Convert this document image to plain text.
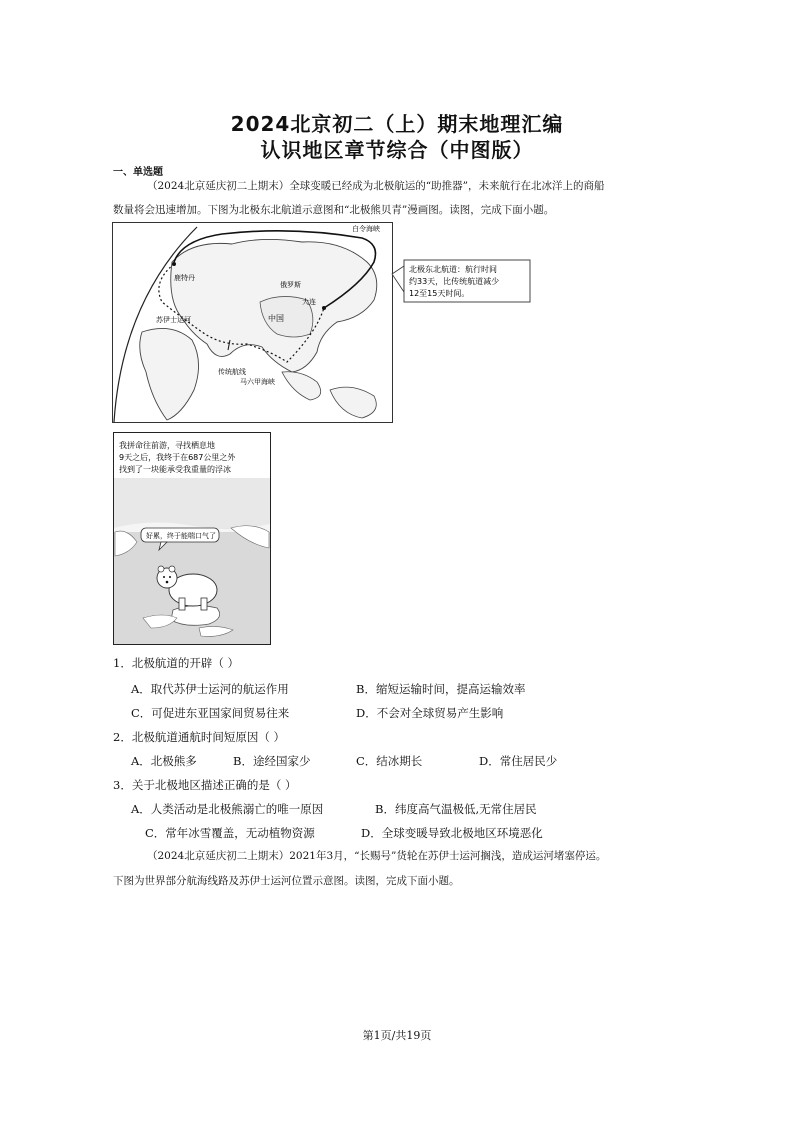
2024北京初二（上）期末地理汇编
认识地区章节综合（中图版）
一、单选题
（2024北京延庆初二上期末）全球变暖已经成为北极航运的“助推器”，未来航行在北冰洋上的商船
数量将会迅速增加。下图为北极东北航道示意图和“北极熊贝青”漫画图。读图，完成下面小题。
白令海峡
俄罗斯
鹿特丹
苏伊士运河	中国
大连
传统航线
马六甲海峡
北极东北航道：航行时间
约33天，比传统航道减少
12至15天时间。
我拼命往前游，寻找栖息地
9天之后，我终于在687公里之外
找到了一块能承受我重量的浮冰
好累，终于能喘口气了
1．北极航道的开辟（ ）
A．取代苏伊士运河的航运作用	B．缩短运输时间，提高运输效率
C．可促进东亚国家间贸易往来	D．不会对全球贸易产生影响
2．北极航道通航时间短原因（ ）
A．北极熊多	B．途经国家少	C．结冰期长	D．常住居民少
3．关于北极地区描述正确的是（ ）
A．人类活动是北极熊溺亡的唯一原因	B．纬度高气温极低,无常住居民
C．常年冰雪覆盖，无动植物资源	D．全球变暖导致北极地区环境恶化
（2024北京延庆初二上期末）2021年3月，“长赐号”货轮在苏伊士运河搁浅，造成运河堵塞停运。
下图为世界部分航海线路及苏伊士运河位置示意图。读图，完成下面小题。
第1页/共19页
